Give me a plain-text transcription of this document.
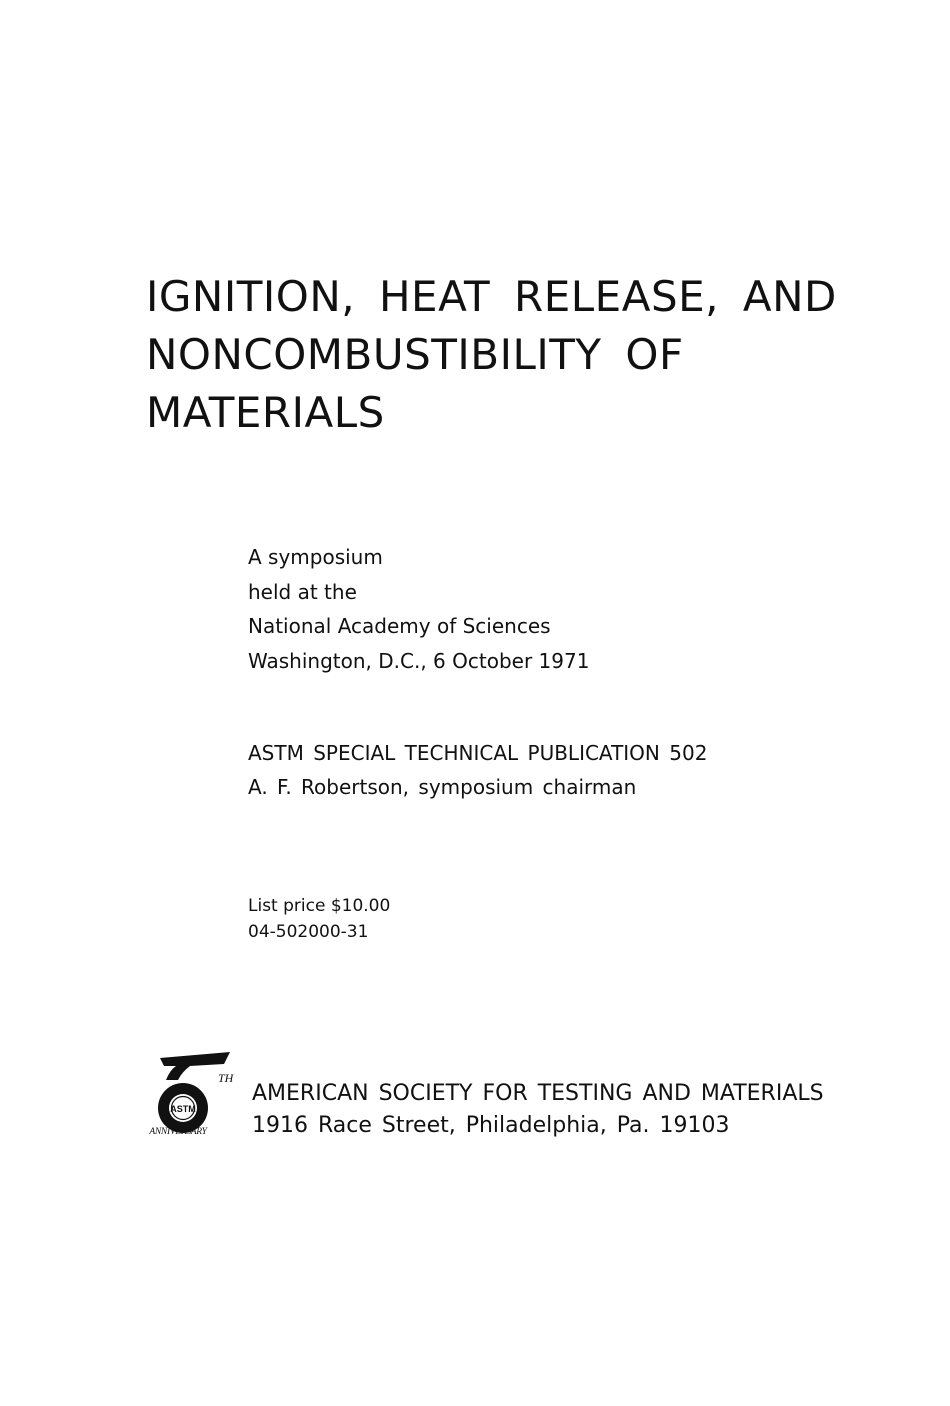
IGNITION, HEAT RELEASE, AND
NONCOMBUSTIBILITY OF
MATERIALS
A symposium
held at the
National Academy of Sciences
Washington, D.C., 6 October 1971
ASTM SPECIAL TECHNICAL PUBLICATION 502
A. F. Robertson, symposium chairman
List price $10.00
04-502000-31
ASTM
TH
ANNIVERSARY
AMERICAN SOCIETY FOR TESTING AND MATERIALS
1916 Race Street, Philadelphia, Pa. 19103
